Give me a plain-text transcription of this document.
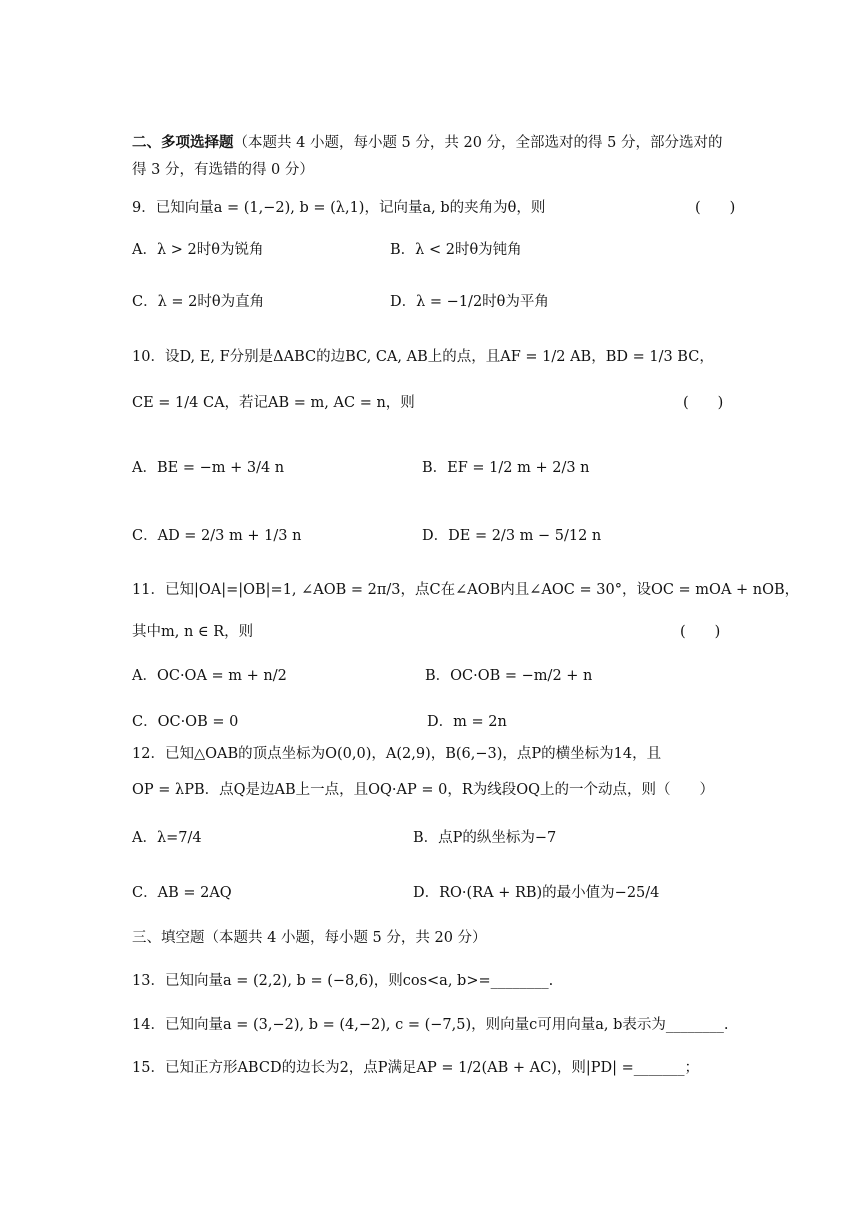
二、多项选择题（本题共 4 小题，每小题 5 分，共 20 分，全部选对的得 5 分，部分选对的
得 3 分，有选错的得 0 分）
9．已知向量a = (1,−2), b = (λ,1)，记向量a, b的夹角为θ，则	(　　)
A．λ > 2时θ为锐角	B．λ < 2时θ为钝角
C．λ = 2时θ为直角	D．λ = −1/2时θ为平角
10．设D, E, F分别是ΔABC的边BC, CA, AB上的点，且AF = 1/2 AB，BD = 1/3 BC，
CE = 1/4 CA，若记AB = m, AC = n，则	(　　)
A．BE = −m + 3/4 n	B．EF = 1/2 m + 2/3 n
C．AD = 2/3 m + 1/3 n	D．DE = 2/3 m − 5/12 n
11．已知|OA|=|OB|=1, ∠AOB = 2π/3，点C在∠AOB内且∠AOC = 30°，设OC = mOA + nOB，
其中m, n ∈ R，则	(　　)
A．OC·OA = m + n/2	B．OC·OB = −m/2 + n
C．OC·OB = 0	D．m = 2n
12．已知△OAB的顶点坐标为O(0,0)，A(2,9)，B(6,−3)，点P的横坐标为14，且
OP = λPB．点Q是边AB上一点，且OQ·AP = 0，R为线段OQ上的一个动点，则（　　）
A．λ=7/4	B．点P的纵坐标为−7
C．AB = 2AQ	D．RO·(RA + RB)的最小值为−25/4
三、填空题（本题共 4 小题，每小题 5 分，共 20 分）
13．已知向量a = (2,2), b = (−8,6)，则cos<a, b>=________.
14．已知向量a = (3,−2), b = (4,−2), c = (−7,5)，则向量c可用向量a, b表示为________.
15．已知正方形ABCD的边长为2，点P满足AP = 1/2(AB + AC)，则|PD| =_______；
